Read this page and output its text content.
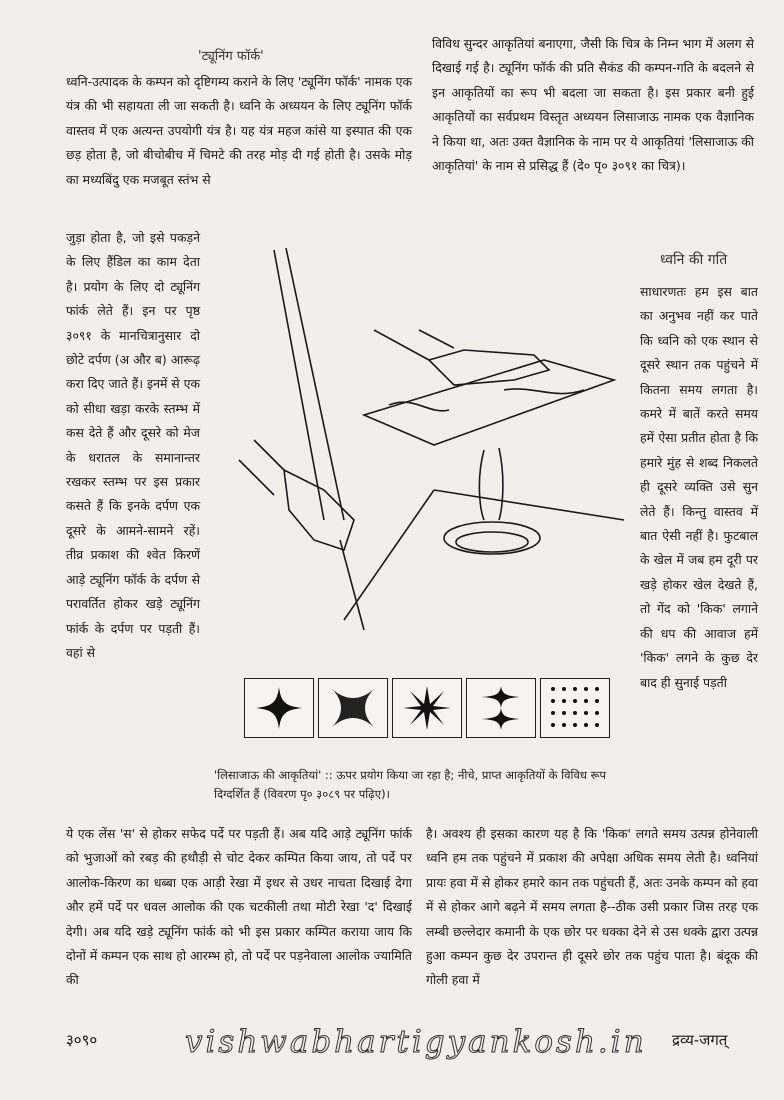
'ट्यूनिंग फॉर्क'

ध्वनि-उत्पादक के कम्पन को दृष्टिगम्य कराने के लिए 'ट्यूनिंग फॉर्क' नामक एक यंत्र की भी सहायता ली जा सकती है। ध्वनि के अध्ययन के लिए ट्यूनिंग फॉर्क वास्तव में एक अत्यन्त उपयोगी यंत्र है। यह यंत्र महज कांसे या इस्पात की एक छड़ होता है, जो बीचोबीच में चिमटे की तरह मोड़ दी गई होती है। उसके मोड़ का मध्यबिंदु एक मजबूत स्तंभ से

जुड़ा होता है, जो इसे पकड़ने के लिए हैंडिल का काम देता है। प्रयोग के लिए दो ट्यूनिंग फांर्क लेते हैं। इन पर पृष्ठ ३०९१ के मानचित्रानुसार दो छोटे दर्पण (अ और ब) आरूढ़ करा दिए जाते हैं। इनमें से एक को सीधा खड़ा करके स्तम्भ में कस देते हैं और दूसरे को मेज के धरातल के समानान्तर रखकर स्तम्भ पर इस प्रकार कसते हैं कि इनके दर्पण एक दूसरे के आमने-सामने रहें। तीव्र प्रकाश की श्वेत किरणें आड़े ट्यूनिंग फॉर्क के दर्पण से परावर्तित होकर खड़े ट्यूनिंग फांर्क के दर्पण पर पड़ती हैं। वहां से

विविध सुन्दर आकृतियां बनाएगा, जैसी कि चित्र के निम्न भाग में अलग से दिखाई गई है। ट्यूनिंग फॉर्क की प्रति सैकंड की कम्पन-गति के बदलने से इन आकृतियों का रूप भी बदला जा सकता है। इस प्रकार बनी हुई आकृतियों का सर्वप्रथम विस्तृत अध्ययन लिसाजाऊ नामक एक वैज्ञानिक ने किया था, अतः उक्त वैज्ञानिक के नाम पर ये आकृतियां 'लिसाजाऊ की आकृतियां' के नाम से प्रसिद्ध हैं (दे० पृ० ३०९१ का चित्र)।

ध्वनि की गति

साधारणतः हम इस बात का अनुभव नहीं कर पाते कि ध्वनि को एक स्थान से दूसरे स्थान तक पहुंचने में कितना समय लगता है। कमरे में बातें करते समय हमें ऐसा प्रतीत होता है कि हमारे मुंह से शब्द निकलते ही दूसरे व्यक्ति उसे सुन लेते हैं। किन्तु वास्तव में बात ऐसी नहीं है। फुटबाल के खेल में जब हम दूरी पर खड़े होकर खेल देखते हैं, तो गेंद को 'किक' लगाने की धप की आवाज हमें 'किक' लगने के कुछ देर बाद ही सुनाई पड़ती

'लिसाजाऊ की आकृतियां' :: ऊपर प्रयोग किया जा रहा है; नीचे, प्राप्त आकृतियों के विविध रूप दिग्दर्शित हैं (विवरण पृ० ३०८९ पर पढ़िए)।

ये एक लेंस 'स' से होकर सफेद पर्दे पर पड़ती हैं। अब यदि आड़े ट्यूनिंग फांर्क को भुजाओं को रबड़ की हथौड़ी से चोट देकर कम्पित किया जाय, तो पर्दे पर आलोक-किरण का धब्बा एक आड़ी रेखा में इधर से उधर नाचता दिखाई देगा और हमें पर्दे पर धवल आलोक की एक चटकीली तथा मोटी रेखा 'द' दिखाई देगी। अब यदि खड़े ट्यूनिंग फांर्क को भी इस प्रकार कम्पित कराया जाय कि दोनों में कम्पन एक साथ हो आरम्भ हो, तो पर्दे पर पड़नेवाला आलोक ज्यामिति की

है। अवश्य ही इसका कारण यह है कि 'किक' लगते समय उत्पन्न होनेवाली ध्वनि हम तक पहुंचने में प्रकाश की अपेक्षा अधिक समय लेती है। ध्वनियां प्रायः हवा में से होकर हमारे कान तक पहुंचती हैं, अतः उनके कम्पन को हवा में से होकर आगे बढ़ने में समय लगता है--ठीक उसी प्रकार जिस तरह एक लम्बी छल्लेदार कमानी के एक छोर पर धक्का देने से उस धक्के द्वारा उत्पन्न हुआ कम्पन कुछ देर उपरान्त ही दूसरे छोर तक पहुंच पाता है। बंदूक की गोली हवा में

३०९०	vishwabhartigyankosh.in द्रव्य-जगत्
